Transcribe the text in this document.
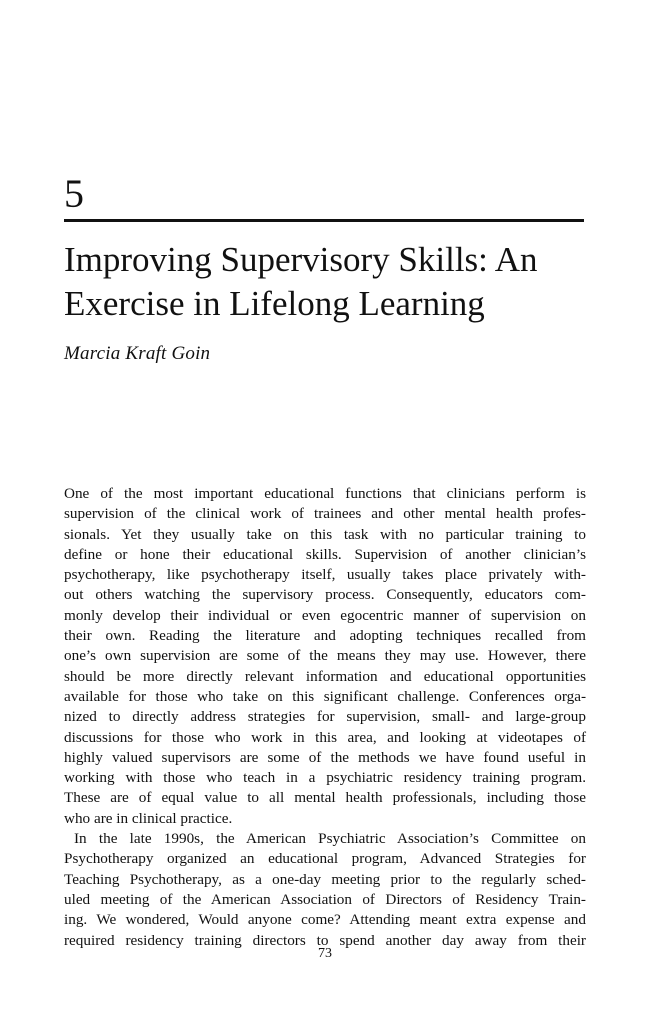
5
Improving Supervisory Skills: An
Exercise in Lifelong Learning
Marcia Kraft Goin
One of the most important educational functions that clinicians perform is
supervision of the clinical work of trainees and other mental health profes-
sionals. Yet they usually take on this task with no particular training to
define or hone their educational skills. Supervision of another clinician’s
psychotherapy, like psychotherapy itself, usually takes place privately with-
out others watching the supervisory process. Consequently, educators com-
monly develop their individual or even egocentric manner of supervision on
their own. Reading the literature and adopting techniques recalled from
one’s own supervision are some of the means they may use. However, there
should be more directly relevant information and educational opportunities
available for those who take on this significant challenge. Conferences orga-
nized to directly address strategies for supervision, small- and large-group
discussions for those who work in this area, and looking at videotapes of
highly valued supervisors are some of the methods we have found useful in
working with those who teach in a psychiatric residency training program.
These are of equal value to all mental health professionals, including those
who are in clinical practice.
In the late 1990s, the American Psychiatric Association’s Committee on
Psychotherapy organized an educational program, Advanced Strategies for
Teaching Psychotherapy, as a one-day meeting prior to the regularly sched-
uled meeting of the American Association of Directors of Residency Train-
ing. We wondered, Would anyone come? Attending meant extra expense and
required residency training directors to spend another day away from their
73
